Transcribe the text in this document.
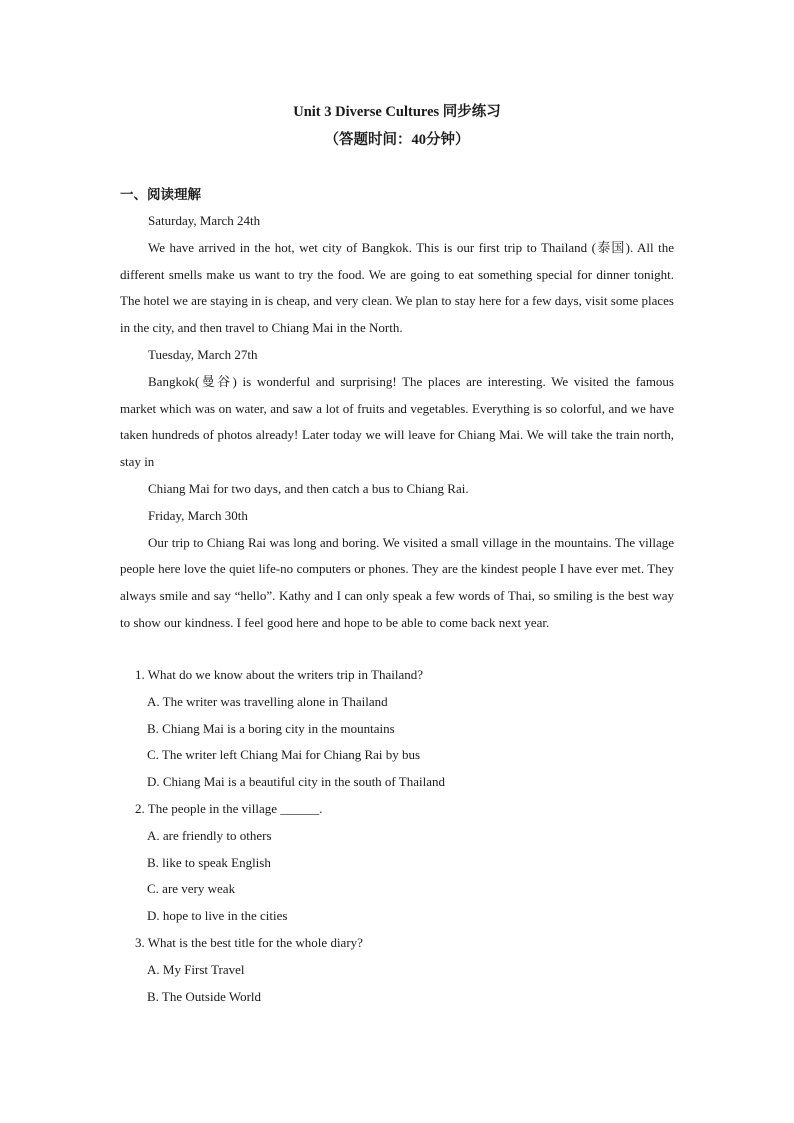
Unit 3 Diverse Cultures 同步练习
（答题时间：40分钟）
一、阅读理解

Saturday, March 24th

We have arrived in the hot, wet city of Bangkok. This is our first trip to Thailand (泰国). All the different smells make us want to try the food. We are going to eat something special for dinner tonight. The hotel we are staying in is cheap, and very clean. We plan to stay here for a few days, visit some places in the city, and then travel to Chiang Mai in the North.

Tuesday, March 27th

Bangkok(曼谷) is wonderful and surprising! The places are interesting. We visited the famous market which was on water, and saw a lot of fruits and vegetables. Everything is so colorful, and we have taken hundreds of photos already! Later today we will leave for Chiang Mai. We will take the train north, stay in

Chiang Mai for two days, and then catch a bus to Chiang Rai.

Friday, March 30th

Our trip to Chiang Rai was long and boring. We visited a small village in the mountains. The village people here love the quiet life-no computers or phones. They are the kindest people I have ever met. They always smile and say “hello”. Kathy and I can only speak a few words of Thai, so smiling is the best way to show our kindness. I feel good here and hope to be able to come back next year.

1. What do we know about the writers trip in Thailand?

A. The writer was travelling alone in Thailand

B. Chiang Mai is a boring city in the mountains

C. The writer left Chiang Mai for Chiang Rai by bus

D. Chiang Mai is a beautiful city in the south of Thailand

2. The people in the village ______.

A. are friendly to others

B. like to speak English

C. are very weak

D. hope to live in the cities

3. What is the best title for the whole diary?

A. My First Travel

B. The Outside World
